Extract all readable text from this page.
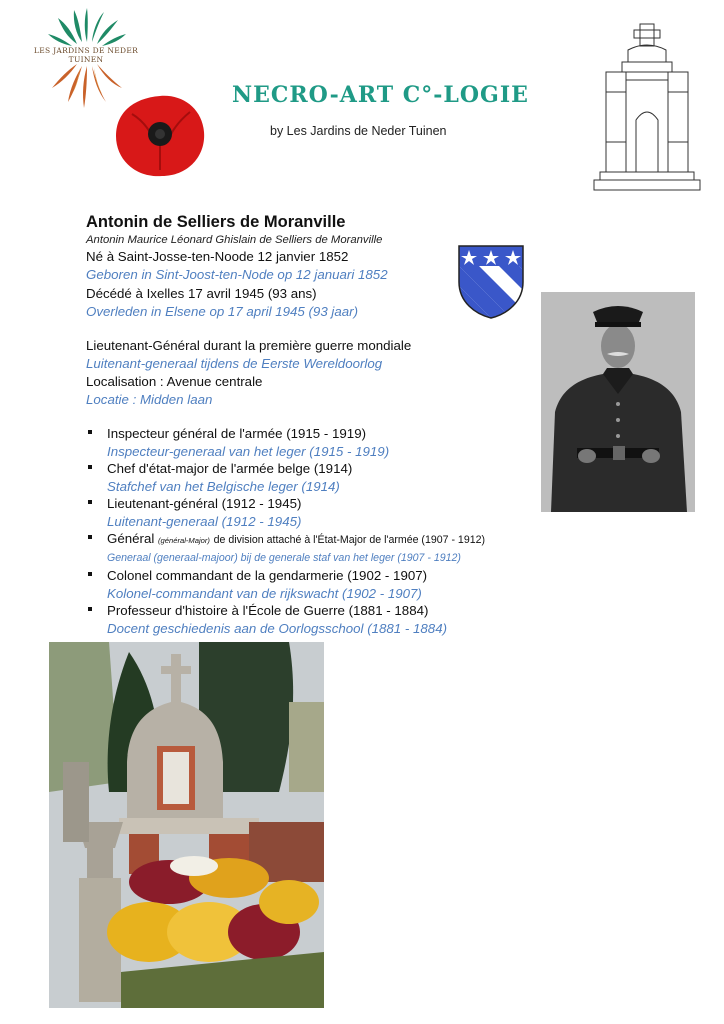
LES JARDINS DE NEDER TUINEN
NECRO-ART C°-LOGIE
by Les Jardins de Neder Tuinen
Antonin de Selliers de Moranville
Antonin Maurice Léonard Ghislain de Selliers de Moranville
Né à Saint-Josse-ten-Noode 12 janvier 1852
Geboren in Sint-Joost-ten-Node op 12 januari 1852
Décédé à Ixelles 17 avril 1945 (93 ans)
Overleden in Elsene op 17 april 1945 (93 jaar)
Lieutenant-Général durant la première guerre mondiale
Luitenant-generaal tijdens de Eerste Wereldoorlog
Localisation : Avenue centrale
Locatie : Midden laan
Inspecteur général de l'armée (1915 - 1919)
Inspecteur-generaal van het leger (1915 - 1919)
Chef d'état-major de l'armée belge (1914)
Stafchef van het Belgische leger (1914)
Lieutenant-général (1912 - 1945)
Luitenant-generaal (1912 - 1945)
Général (général-Major) de division attaché à l'État-Major de l'armée (1907 - 1912)
Generaal (generaal-majoor) bij de generale staf van het leger (1907 - 1912)
Colonel commandant de la gendarmerie (1902 - 1907)
Kolonel-commandant van de rijkswacht (1902 - 1907)
Professeur d'histoire à l'École de Guerre (1881 - 1884)
Docent geschiedenis aan de Oorlogsschool (1881 - 1884)
